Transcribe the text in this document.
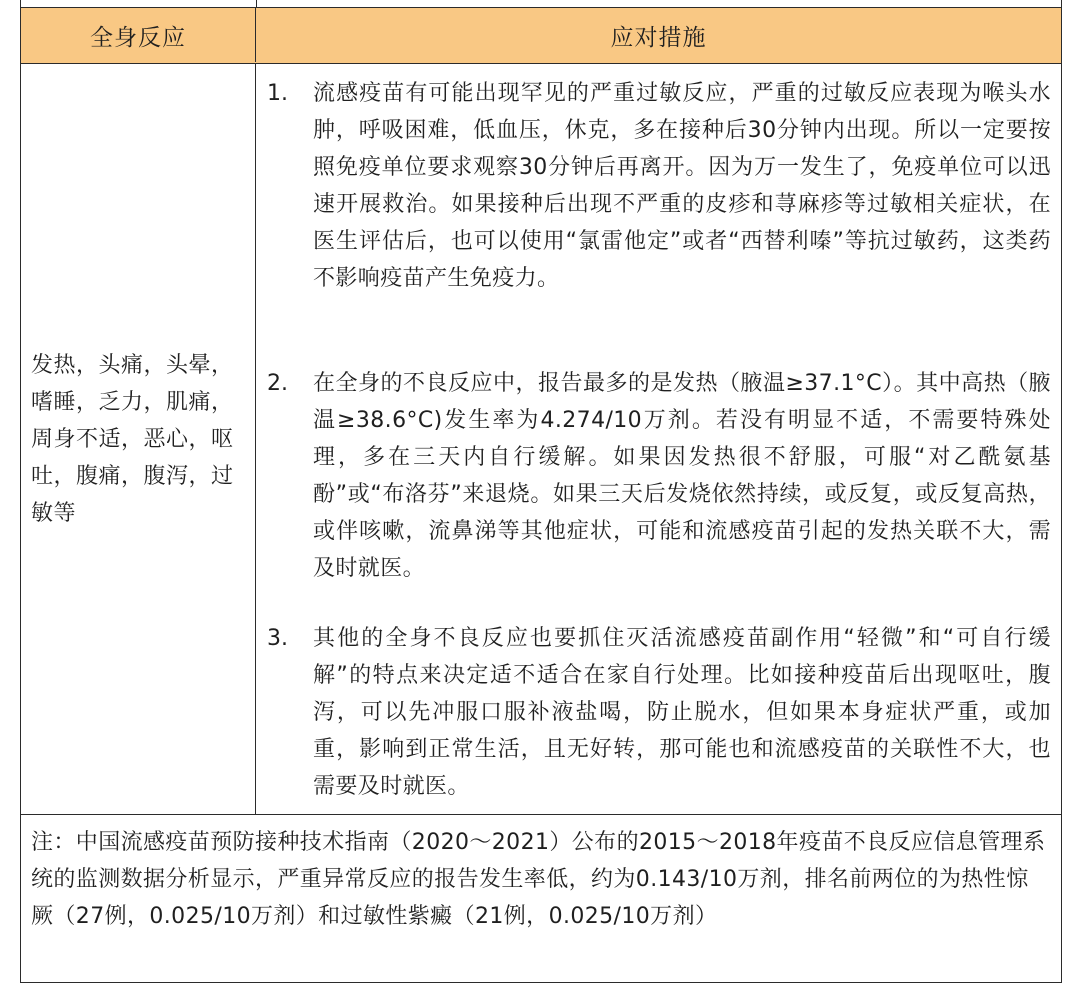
全身反应	应对措施
发热，头痛，头晕，嗜睡，乏力，肌痛，周身不适，恶心，呕吐，腹痛，腹泻，过敏等
1. 流感疫苗有可能出现罕见的严重过敏反应，严重的过敏反应表现为喉头水肿，呼吸困难，低血压，休克，多在接种后30分钟内出现。所以一定要按照免疫单位要求观察30分钟后再离开。因为万一发生了，免疫单位可以迅速开展救治。如果接种后出现不严重的皮疹和荨麻疹等过敏相关症状，在医生评估后，也可以使用“氯雷他定”或者“西替利嗪”等抗过敏药，这类药不影响疫苗产生免疫力。
2. 在全身的不良反应中，报告最多的是发热（腋温≥37.1°C）。其中高热（腋温≥38.6°C)发生率为4.274/10万剂。若没有明显不适，不需要特殊处理，多在三天内自行缓解。如果因发热很不舒服，可服“对乙酰氨基酚”或“布洛芬”来退烧。如果三天后发烧依然持续，或反复，或反复高热，或伴咳嗽，流鼻涕等其他症状，可能和流感疫苗引起的发热关联不大，需及时就医。
3. 其他的全身不良反应也要抓住灭活流感疫苗副作用“轻微”和“可自行缓解”的特点来决定适不适合在家自行处理。比如接种疫苗后出现呕吐，腹泻，可以先冲服口服补液盐喝，防止脱水，但如果本身症状严重，或加重，影响到正常生活，且无好转，那可能也和流感疫苗的关联性不大，也需要及时就医。
注：中国流感疫苗预防接种技术指南（2020～2021）公布的2015～2018年疫苗不良反应信息管理系统的监测数据分析显示，严重异常反应的报告发生率低，约为0.143/10万剂，排名前两位的为热性惊厥（27例，0.025/10万剂）和过敏性紫癜（21例，0.025/10万剂）
